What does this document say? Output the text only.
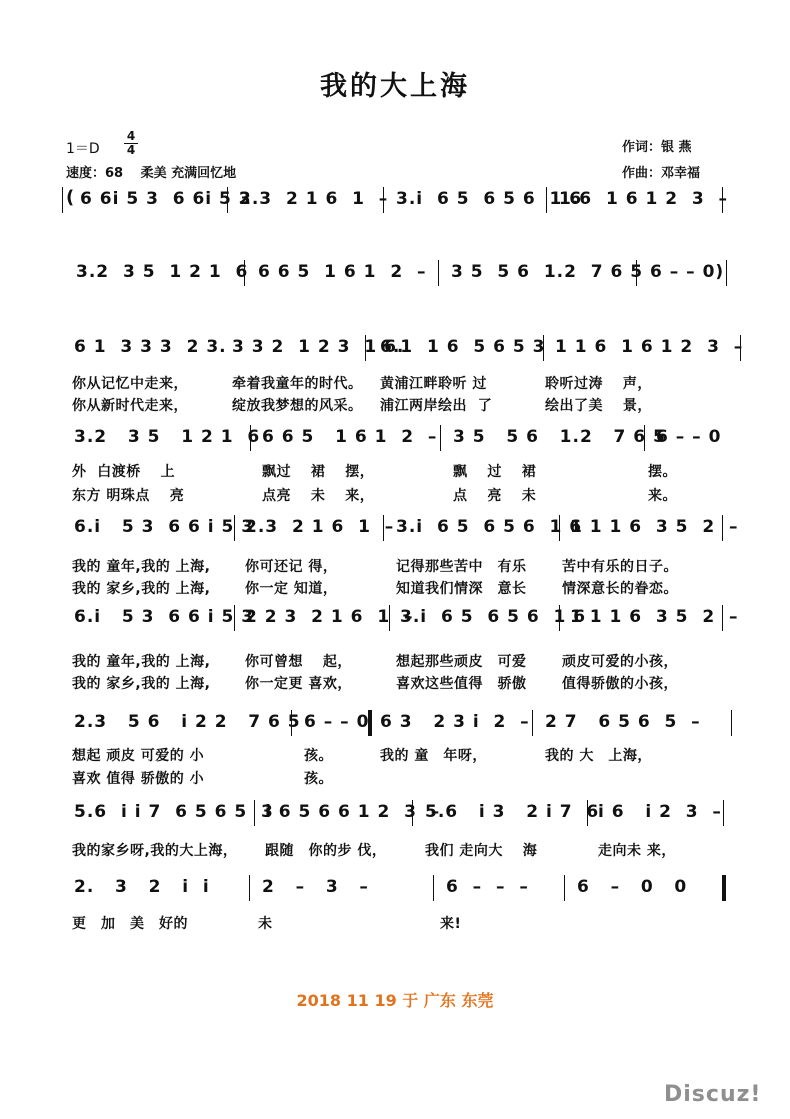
我的大上海
1＝D
4
4
速度：68　 柔美 充满回忆地
作词：银 燕
作曲：邓幸福
( 6 6i 5 3  6 6i 5 3
2.3  2 1 6  1  – 3.i  6 5  6 5 6  1 6
1.6  1 6 1 2  3  –
3.2  3 5  1 2 1  6 6 6 5  1 6 1  2  – 3 5  5 6  1.2  7 6 5 6 – – 0)
6 1  3 3 3  2 3. 3 3 2  1 2 3  1 6.
6.1  1 6  5 6 5 3 1 1 6  1 6 1 2  3  –
你从记忆中走来，	牵着我童年的时代。 黄浦江畔聆听 过	聆听过涛　 声，
你从新时代走来，	绽放我梦想的风采。 浦江两岸绘出  了	绘出了美　 景，
3.2   3 5   1 2 1  6 6 6 5   1 6 1  2  – 3 5   5 6   1.2   7 6 5
6 – – 0
外  白渡桥　 上	飘过　 裙　 摆，	飘　 过　 裙	摆。
东方 明珠点　 亮	点亮　 未　 来，	点　 亮　 未	来。
6.i   5 3  6 6 i 5 3
2.3  2 1 6  1  – 3.i  6 5  6 5 6  1 6
1 1 1 6  3 5  2  –
我的 童年,我的 上海, 你可还记 得，	记得那些苦中　有乐	苦中有乐的日子。
我的 家乡,我的 上海, 你一定 知道，	知道我们情深　意长	情深意长的眷恋。
6.i   5 3  6 6 i 5 3
2 2 3  2 1 6  1  –
3.i  6 5  6 5 6  1 6
1 1 1 6  3 5  2  –
我的 童年,我的 上海, 你可曾想　 起，	想起那些顽皮　可爱	顽皮可爱的小孩，
我的 家乡,我的 上海, 你一定更 喜欢，	喜欢这些值得　骄傲	值得骄傲的小孩，
2.3   5 6   i 2 2   7 6 5 6 – – 0 6 3   2 3 i  2  – 2 7   6 5 6  5  –
想起 顽皮 可爱的 小	孩。	我的 童　年呀，	我的 大　上海，
喜欢 值得 骄傲的 小	孩。
5.6  i i 7  6 5 6 5  3
i 6 5 6 6 1 2  3  –
5.6   i 3   2 i 7  6
i 6   i 2  3  –
我的家乡呀,我的大上海， 跟随　你的步 伐，	我们 走向大　 海	走向未 来，
2.   3   2   i  i	2   –   3   –	6  –  –  –	6   –   0   0
更　加　美　好的	未	来!
2018 11 19 于 广东 东莞
Discuz!
